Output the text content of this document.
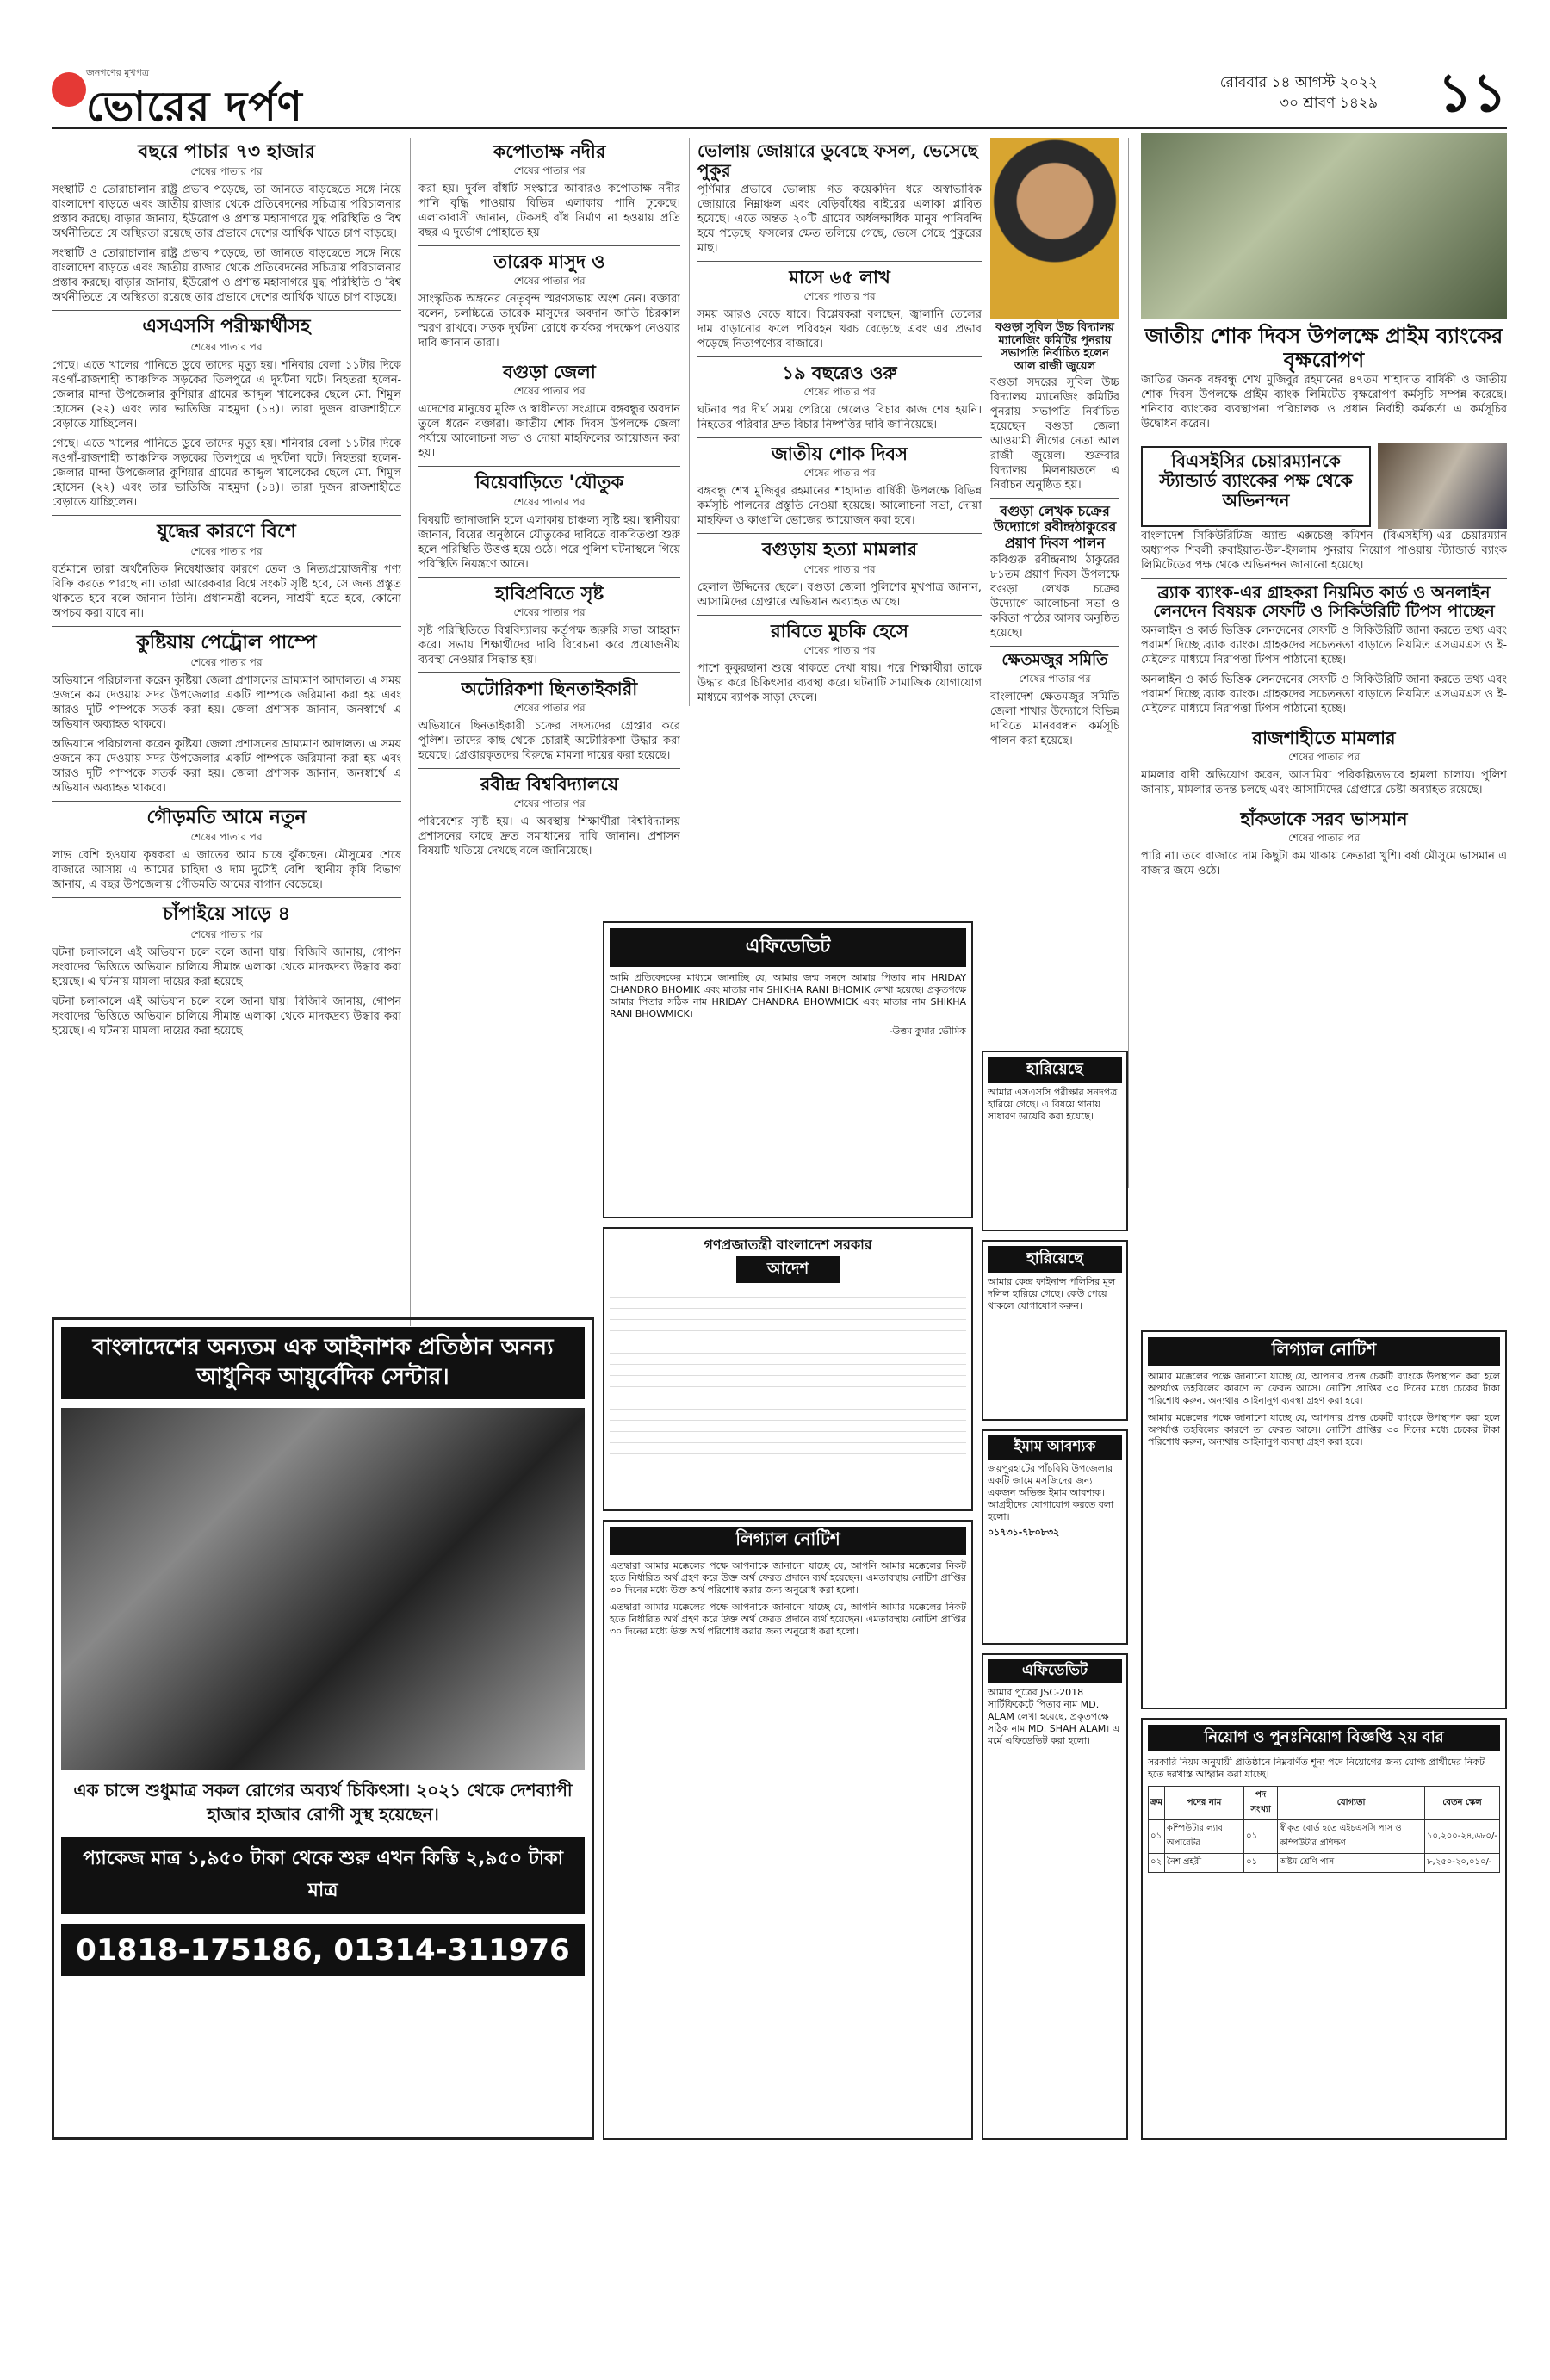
জনগণের মুখপত্র
ভোরের দর্পণ	রোববার ১৪ আগস্ট ২০২২
৩০ শ্রাবণ ১৪২৯ ১১
বছরে পাচার ৭৩ হাজার
শেষের পাতার পর

সংস্থাটি ও তোরাচালান রাষ্ট্র প্রভাব পড়েছে, তা জানতে বাড়ছেতে সঙ্গে নিয়ে বাংলাদেশ বাড়তে এবং জাতীয় রাজার থেকে প্রতিবেদনের সচিত্রায় পরিচালনার প্রস্তাব করছে। বাড়ার জানায়, ইউরোপ ও প্রশান্ত মহাসাগরে যুদ্ধ পরিস্থিতি ও বিশ্ব অর্থনীতিতে যে অস্থিরতা রয়েছে তার প্রভাবে দেশের আর্থিক খাতে চাপ বাড়ছে।

সংস্থাটি ও তোরাচালান রাষ্ট্র প্রভাব পড়েছে, তা জানতে বাড়ছেতে সঙ্গে নিয়ে বাংলাদেশ বাড়তে এবং জাতীয় রাজার থেকে প্রতিবেদনের সচিত্রায় পরিচালনার প্রস্তাব করছে। বাড়ার জানায়, ইউরোপ ও প্রশান্ত মহাসাগরে যুদ্ধ পরিস্থিতি ও বিশ্ব অর্থনীতিতে যে অস্থিরতা রয়েছে তার প্রভাবে দেশের আর্থিক খাতে চাপ বাড়ছে।

এসএসসি পরীক্ষার্থীসহ
শেষের পাতার পর

গেছে। এতে খালের পানিতে ডুবে তাদের মৃত্যু হয়। শনিবার বেলা ১১টার দিকে নওগাঁ-রাজশাহী আঞ্চলিক সড়কের তিলপুরে এ দুর্ঘটনা ঘটে। নিহতরা হলেন- জেলার মান্দা উপজেলার কুশিয়ার গ্রামের আব্দুল খালেকের ছেলে মো. শিমুল হোসেন (২২) এবং তার ভাতিজি মাহমুদা (১৪)। তারা দুজন রাজশাহীতে বেড়াতে যাচ্ছিলেন।

গেছে। এতে খালের পানিতে ডুবে তাদের মৃত্যু হয়। শনিবার বেলা ১১টার দিকে নওগাঁ-রাজশাহী আঞ্চলিক সড়কের তিলপুরে এ দুর্ঘটনা ঘটে। নিহতরা হলেন- জেলার মান্দা উপজেলার কুশিয়ার গ্রামের আব্দুল খালেকের ছেলে মো. শিমুল হোসেন (২২) এবং তার ভাতিজি মাহমুদা (১৪)। তারা দুজন রাজশাহীতে বেড়াতে যাচ্ছিলেন।

যুদ্ধের কারণে বিশে
শেষের পাতার পর

বর্তমানে তারা অর্থনৈতিক নিষেধাজ্ঞার কারণে তেল ও নিত্যপ্রয়োজনীয় পণ্য বিক্রি করতে পারছে না। তারা আরেকবার বিশ্বে সংকট সৃষ্টি হবে, সে জন্য প্রস্তুত থাকতে হবে বলে জানান তিনি। প্রধানমন্ত্রী বলেন, সাশ্রয়ী হতে হবে, কোনো অপচয় করা যাবে না।

কুষ্টিয়ায় পেট্রোল পাম্পে
শেষের পাতার পর

অভিযানে পরিচালনা করেন কুষ্টিয়া জেলা প্রশাসনের ভ্রাম্যমাণ আদালত। এ সময় ওজনে কম দেওয়ায় সদর উপজেলার একটি পাম্পকে জরিমানা করা হয় এবং আরও দুটি পাম্পকে সতর্ক করা হয়। জেলা প্রশাসক জানান, জনস্বার্থে এ অভিযান অব্যাহত থাকবে।

অভিযানে পরিচালনা করেন কুষ্টিয়া জেলা প্রশাসনের ভ্রাম্যমাণ আদালত। এ সময় ওজনে কম দেওয়ায় সদর উপজেলার একটি পাম্পকে জরিমানা করা হয় এবং আরও দুটি পাম্পকে সতর্ক করা হয়। জেলা প্রশাসক জানান, জনস্বার্থে এ অভিযান অব্যাহত থাকবে।

গৌড়মতি আমে নতুন
শেষের পাতার পর

লাভ বেশি হওয়ায় কৃষকরা এ জাতের আম চাষে ঝুঁকছেন। মৌসুমের শেষে বাজারে আসায় এ আমের চাহিদা ও দাম দুটোই বেশি। স্থানীয় কৃষি বিভাগ জানায়, এ বছর উপজেলায় গৌড়মতি আমের বাগান বেড়েছে।

চাঁপাইয়ে সাড়ে ৪
শেষের পাতার পর

ঘটনা চলাকালে এই অভিযান চলে বলে জানা যায়। বিজিবি জানায়, গোপন সংবাদের ভিত্তিতে অভিযান চালিয়ে সীমান্ত এলাকা থেকে মাদকদ্রব্য উদ্ধার করা হয়েছে। এ ঘটনায় মামলা দায়ের করা হয়েছে।

ঘটনা চলাকালে এই অভিযান চলে বলে জানা যায়। বিজিবি জানায়, গোপন সংবাদের ভিত্তিতে অভিযান চালিয়ে সীমান্ত এলাকা থেকে মাদকদ্রব্য উদ্ধার করা হয়েছে। এ ঘটনায় মামলা দায়ের করা হয়েছে।

কপোতাক্ষ নদীর
শেষের পাতার পর

করা হয়। দুর্বল বাঁধটি সংস্কারে আবারও কপোতাক্ষ নদীর পানি বৃদ্ধি পাওয়ায় বিভিন্ন এলাকায় পানি ঢুকেছে। এলাকাবাসী জানান, টেকসই বাঁধ নির্মাণ না হওয়ায় প্রতি বছর এ দুর্ভোগ পোহাতে হয়।

তারেক মাসুদ ও
শেষের পাতার পর

সাংস্কৃতিক অঙ্গনের নেতৃবৃন্দ স্মরণসভায় অংশ নেন। বক্তারা বলেন, চলচ্চিত্রে তারেক মাসুদের অবদান জাতি চিরকাল স্মরণ রাখবে। সড়ক দুর্ঘটনা রোধে কার্যকর পদক্ষেপ নেওয়ার দাবি জানান তারা।

বগুড়া জেলা
শেষের পাতার পর

এদেশের মানুষের মুক্তি ও স্বাধীনতা সংগ্রামে বঙ্গবন্ধুর অবদান তুলে ধরেন বক্তারা। জাতীয় শোক দিবস উপলক্ষে জেলা পর্যায়ে আলোচনা সভা ও দোয়া মাহফিলের আয়োজন করা হয়।

বিয়েবাড়িতে 'যৌতুক
শেষের পাতার পর

বিষয়টি জানাজানি হলে এলাকায় চাঞ্চল্য সৃষ্টি হয়। স্থানীয়রা জানান, বিয়ের অনুষ্ঠানে যৌতুকের দাবিতে বাকবিতণ্ডা শুরু হলে পরিস্থিতি উত্তপ্ত হয়ে ওঠে। পরে পুলিশ ঘটনাস্থলে গিয়ে পরিস্থিতি নিয়ন্ত্রণে আনে।

হাবিপ্রবিতে সৃষ্ট
শেষের পাতার পর

সৃষ্ট পরিস্থিতিতে বিশ্ববিদ্যালয় কর্তৃপক্ষ জরুরি সভা আহ্বান করে। সভায় শিক্ষার্থীদের দাবি বিবেচনা করে প্রয়োজনীয় ব্যবস্থা নেওয়ার সিদ্ধান্ত হয়।

অটোরিকশা ছিনতাইকারী
শেষের পাতার পর

অভিযানে ছিনতাইকারী চক্রের সদস্যদের গ্রেপ্তার করে পুলিশ। তাদের কাছ থেকে চোরাই অটোরিকশা উদ্ধার করা হয়েছে। গ্রেপ্তারকৃতদের বিরুদ্ধে মামলা দায়ের করা হয়েছে।

রবীন্দ্র বিশ্ববিদ্যালয়ে
শেষের পাতার পর

পরিবেশের সৃষ্টি হয়। এ অবস্থায় শিক্ষার্থীরা বিশ্ববিদ্যালয় প্রশাসনের কাছে দ্রুত সমাধানের দাবি জানান। প্রশাসন বিষয়টি খতিয়ে দেখছে বলে জানিয়েছে।

ভোলায় জোয়ারে ডুবেছে ফসল, ভেসেছে পুকুর

পূর্ণিমার প্রভাবে ভোলায় গত কয়েকদিন ধরে অস্বাভাবিক জোয়ারে নিম্নাঞ্চল এবং বেড়িবাঁধের বাইরের এলাকা প্লাবিত হয়েছে। এতে অন্তত ২০টি গ্রামের অর্ধলক্ষাধিক মানুষ পানিবন্দি হয়ে পড়েছে। ফসলের ক্ষেত তলিয়ে গেছে, ভেসে গেছে পুকুরের মাছ।

মাসে ৬৫ লাখ
শেষের পাতার পর

সময় আরও বেড়ে যাবে। বিশ্লেষকরা বলছেন, জ্বালানি তেলের দাম বাড়ানোর ফলে পরিবহন খরচ বেড়েছে এবং এর প্রভাব পড়েছে নিত্যপণ্যের বাজারে।

১৯ বছরেও ওরু
শেষের পাতার পর

ঘটনার পর দীর্ঘ সময় পেরিয়ে গেলেও বিচার কাজ শেষ হয়নি। নিহতের পরিবার দ্রুত বিচার নিষ্পত্তির দাবি জানিয়েছে।

জাতীয় শোক দিবস
শেষের পাতার পর

বঙ্গবন্ধু শেখ মুজিবুর রহমানের শাহাদাত বার্ষিকী উপলক্ষে বিভিন্ন কর্মসূচি পালনের প্রস্তুতি নেওয়া হয়েছে। আলোচনা সভা, দোয়া মাহফিল ও কাঙালি ভোজের আয়োজন করা হবে।

বগুড়ায় হত্যা মামলার
শেষের পাতার পর

হেলাল উদ্দিনের ছেলে। বগুড়া জেলা পুলিশের মুখপাত্র জানান, আসামিদের গ্রেপ্তারে অভিযান অব্যাহত আছে।

রাবিতে মুচকি হেসে
শেষের পাতার পর

পাশে কুকুরছানা শুয়ে থাকতে দেখা যায়। পরে শিক্ষার্থীরা তাকে উদ্ধার করে চিকিৎসার ব্যবস্থা করে। ঘটনাটি সামাজিক যোগাযোগ মাধ্যমে ব্যাপক সাড়া ফেলে।

বগুড়া সুবিল উচ্চ বিদ্যালয় ম্যানেজিং কমিটির পুনরায় সভাপতি নির্বাচিত হলেন আল রাজী জুয়েল

বগুড়া সদরের সুবিল উচ্চ বিদ্যালয় ম্যানেজিং কমিটির পুনরায় সভাপতি নির্বাচিত হয়েছেন বগুড়া জেলা আওয়ামী লীগের নেতা আল রাজী জুয়েল। শুক্রবার বিদ্যালয় মিলনায়তনে এ নির্বাচন অনুষ্ঠিত হয়।

বগুড়া লেখক চক্রের উদ্যোগে রবীন্দ্রঠাকুরের প্রয়াণ দিবস পালন

কবিগুরু রবীন্দ্রনাথ ঠাকুরের ৮১তম প্রয়াণ দিবস উপলক্ষে বগুড়া লেখক চক্রের উদ্যোগে আলোচনা সভা ও কবিতা পাঠের আসর অনুষ্ঠিত হয়েছে।

ক্ষেতমজুর সমিতি
শেষের পাতার পর

বাংলাদেশ ক্ষেতমজুর সমিতি জেলা শাখার উদ্যোগে বিভিন্ন দাবিতে মানববন্ধন কর্মসূচি পালন করা হয়েছে।

জাতীয় শোক দিবস উপলক্ষে প্রাইম ব্যাংকের বৃক্ষরোপণ

জাতির জনক বঙ্গবন্ধু শেখ মুজিবুর রহমানের ৪৭তম শাহাদাত বার্ষিকী ও জাতীয় শোক দিবস উপলক্ষে প্রাইম ব্যাংক লিমিটেড বৃক্ষরোপণ কর্মসূচি সম্পন্ন করেছে। শনিবার ব্যাংকের ব্যবস্থাপনা পরিচালক ও প্রধান নির্বাহী কর্মকর্তা এ কর্মসূচির উদ্বোধন করেন।

বিএসইসির চেয়ারম্যানকে স্ট্যান্ডার্ড ব্যাংকের পক্ষ থেকে অভিনন্দন

বাংলাদেশ সিকিউরিটিজ অ্যান্ড এক্সচেঞ্জ কমিশন (বিএসইসি)-এর চেয়ারম্যান অধ্যাপক শিবলী রুবাইয়াত-উল-ইসলাম পুনরায় নিয়োগ পাওয়ায় স্ট্যান্ডার্ড ব্যাংক লিমিটেডের পক্ষ থেকে অভিনন্দন জানানো হয়েছে।

ব্র্যাক ব্যাংক-এর গ্রাহকরা নিয়মিত কার্ড ও অনলাইন লেনদেন বিষয়ক সেফটি ও সিকিউরিটি টিপস পাচ্ছেন

অনলাইন ও কার্ড ভিত্তিক লেনদেনের সেফটি ও সিকিউরিটি জানা করতে তথ্য এবং পরামর্শ দিচ্ছে ব্র্যাক ব্যাংক। গ্রাহকদের সচেতনতা বাড়াতে নিয়মিত এসএমএস ও ই-মেইলের মাধ্যমে নিরাপত্তা টিপস পাঠানো হচ্ছে।

অনলাইন ও কার্ড ভিত্তিক লেনদেনের সেফটি ও সিকিউরিটি জানা করতে তথ্য এবং পরামর্শ দিচ্ছে ব্র্যাক ব্যাংক। গ্রাহকদের সচেতনতা বাড়াতে নিয়মিত এসএমএস ও ই-মেইলের মাধ্যমে নিরাপত্তা টিপস পাঠানো হচ্ছে।

রাজশাহীতে মামলার
শেষের পাতার পর

মামলার বাদী অভিযোগ করেন, আসামিরা পরিকল্পিতভাবে হামলা চালায়। পুলিশ জানায়, মামলার তদন্ত চলছে এবং আসামিদের গ্রেপ্তারে চেষ্টা অব্যাহত রয়েছে।

হাঁকডাকে সরব ভাসমান
শেষের পাতার পর

পারি না। তবে বাজারে দাম কিছুটা কম থাকায় ক্রেতারা খুশি। বর্ষা মৌসুমে ভাসমান এ বাজার জমে ওঠে।

এফিডেভিট

আমি প্রতিবেদকের মাধ্যমে জানাচ্ছি যে, আমার জন্ম সনদে আমার পিতার নাম HRIDAY CHANDRO BHOMIK এবং মাতার নাম SHIKHA RANI BHOMIK লেখা হয়েছে। প্রকৃতপক্ষে আমার পিতার সঠিক নাম HRIDAY CHANDRA BHOWMICK এবং মাতার নাম SHIKHA RANI BHOWMICK।

-উত্তম কুমার ভৌমিক

গণপ্রজাতন্ত্রী বাংলাদেশ সরকার
আদেশ
হারিয়েছে

আমার এসএসসি পরীক্ষার সনদপত্র হারিয়ে গেছে। এ বিষয়ে থানায় সাধারণ ডায়েরি করা হয়েছে।

হারিয়েছে

আমার কেন্দ্র ফাইনান্স পলিসির মূল দলিল হারিয়ে গেছে। কেউ পেয়ে থাকলে যোগাযোগ করুন।

ইমাম আবশ্যক

জয়পুরহাটের পাঁচবিবি উপজেলার একটি জামে মসজিদের জন্য একজন অভিজ্ঞ ইমাম আবশ্যক। আগ্রহীদের যোগাযোগ করতে বলা হলো।

০১৭৩১-৭৮০৮৩২

লিগ্যাল নোটিশ

এতদ্বারা আমার মক্কেলের পক্ষে আপনাকে জানানো যাচ্ছে যে, আপনি আমার মক্কেলের নিকট হতে নির্ধারিত অর্থ গ্রহণ করে উক্ত অর্থ ফেরত প্রদানে ব্যর্থ হয়েছেন। এমতাবস্থায় নোটিশ প্রাপ্তির ৩০ দিনের মধ্যে উক্ত অর্থ পরিশোধ করার জন্য অনুরোধ করা হলো।

এতদ্বারা আমার মক্কেলের পক্ষে আপনাকে জানানো যাচ্ছে যে, আপনি আমার মক্কেলের নিকট হতে নির্ধারিত অর্থ গ্রহণ করে উক্ত অর্থ ফেরত প্রদানে ব্যর্থ হয়েছেন। এমতাবস্থায় নোটিশ প্রাপ্তির ৩০ দিনের মধ্যে উক্ত অর্থ পরিশোধ করার জন্য অনুরোধ করা হলো।

এফিডেভিট

আমার পুত্রের JSC-2018 সার্টিফিকেটে পিতার নাম MD. ALAM লেখা হয়েছে, প্রকৃতপক্ষে সঠিক নাম MD. SHAH ALAM। এ মর্মে এফিডেভিট করা হলো।

লিগ্যাল নোটিশ

আমার মক্কেলের পক্ষে জানানো যাচ্ছে যে, আপনার প্রদত্ত চেকটি ব্যাংকে উপস্থাপন করা হলে অপর্যাপ্ত তহবিলের কারণে তা ফেরত আসে। নোটিশ প্রাপ্তির ৩০ দিনের মধ্যে চেকের টাকা পরিশোধ করুন, অন্যথায় আইনানুগ ব্যবস্থা গ্রহণ করা হবে।

আমার মক্কেলের পক্ষে জানানো যাচ্ছে যে, আপনার প্রদত্ত চেকটি ব্যাংকে উপস্থাপন করা হলে অপর্যাপ্ত তহবিলের কারণে তা ফেরত আসে। নোটিশ প্রাপ্তির ৩০ দিনের মধ্যে চেকের টাকা পরিশোধ করুন, অন্যথায় আইনানুগ ব্যবস্থা গ্রহণ করা হবে।

নিয়োগ ও পুনঃনিয়োগ বিজ্ঞপ্তি ২য় বার

সরকারি নিয়ম অনুযায়ী প্রতিষ্ঠানে নিম্নবর্ণিত শূন্য পদে নিয়োগের জন্য যোগ্য প্রার্থীদের নিকট হতে দরখাস্ত আহ্বান করা যাচ্ছে।

ক্রম	পদের নাম	পদ সংখ্যা	যোগ্যতা	বেতন স্কেল
০১	কম্পিউটার ল্যাব অপারেটর	০১	স্বীকৃত বোর্ড হতে এইচএসসি পাস ও কম্পিউটার প্রশিক্ষণ	১০,২০০-২৪,৬৮০/-
০২	নৈশ প্রহরী	০১	অষ্টম শ্রেণি পাস	৮,২৫০-২০,০১০/-
বাংলাদেশের অন্যতম এক আইনাশক প্রতিষ্ঠান অনন্য আধুনিক আয়ুর্বেদিক সেন্টার।

এক চান্সে শুধুমাত্র সকল রোগের অব্যর্থ চিকিৎসা। ২০২১ থেকে দেশব্যাপী হাজার হাজার রোগী সুস্থ হয়েছেন।

প্যাকেজ মাত্র ১,৯৫০ টাকা থেকে শুরু এখন কিস্তি ২,৯৫০ টাকা মাত্র
01818-175186, 01314-311976
